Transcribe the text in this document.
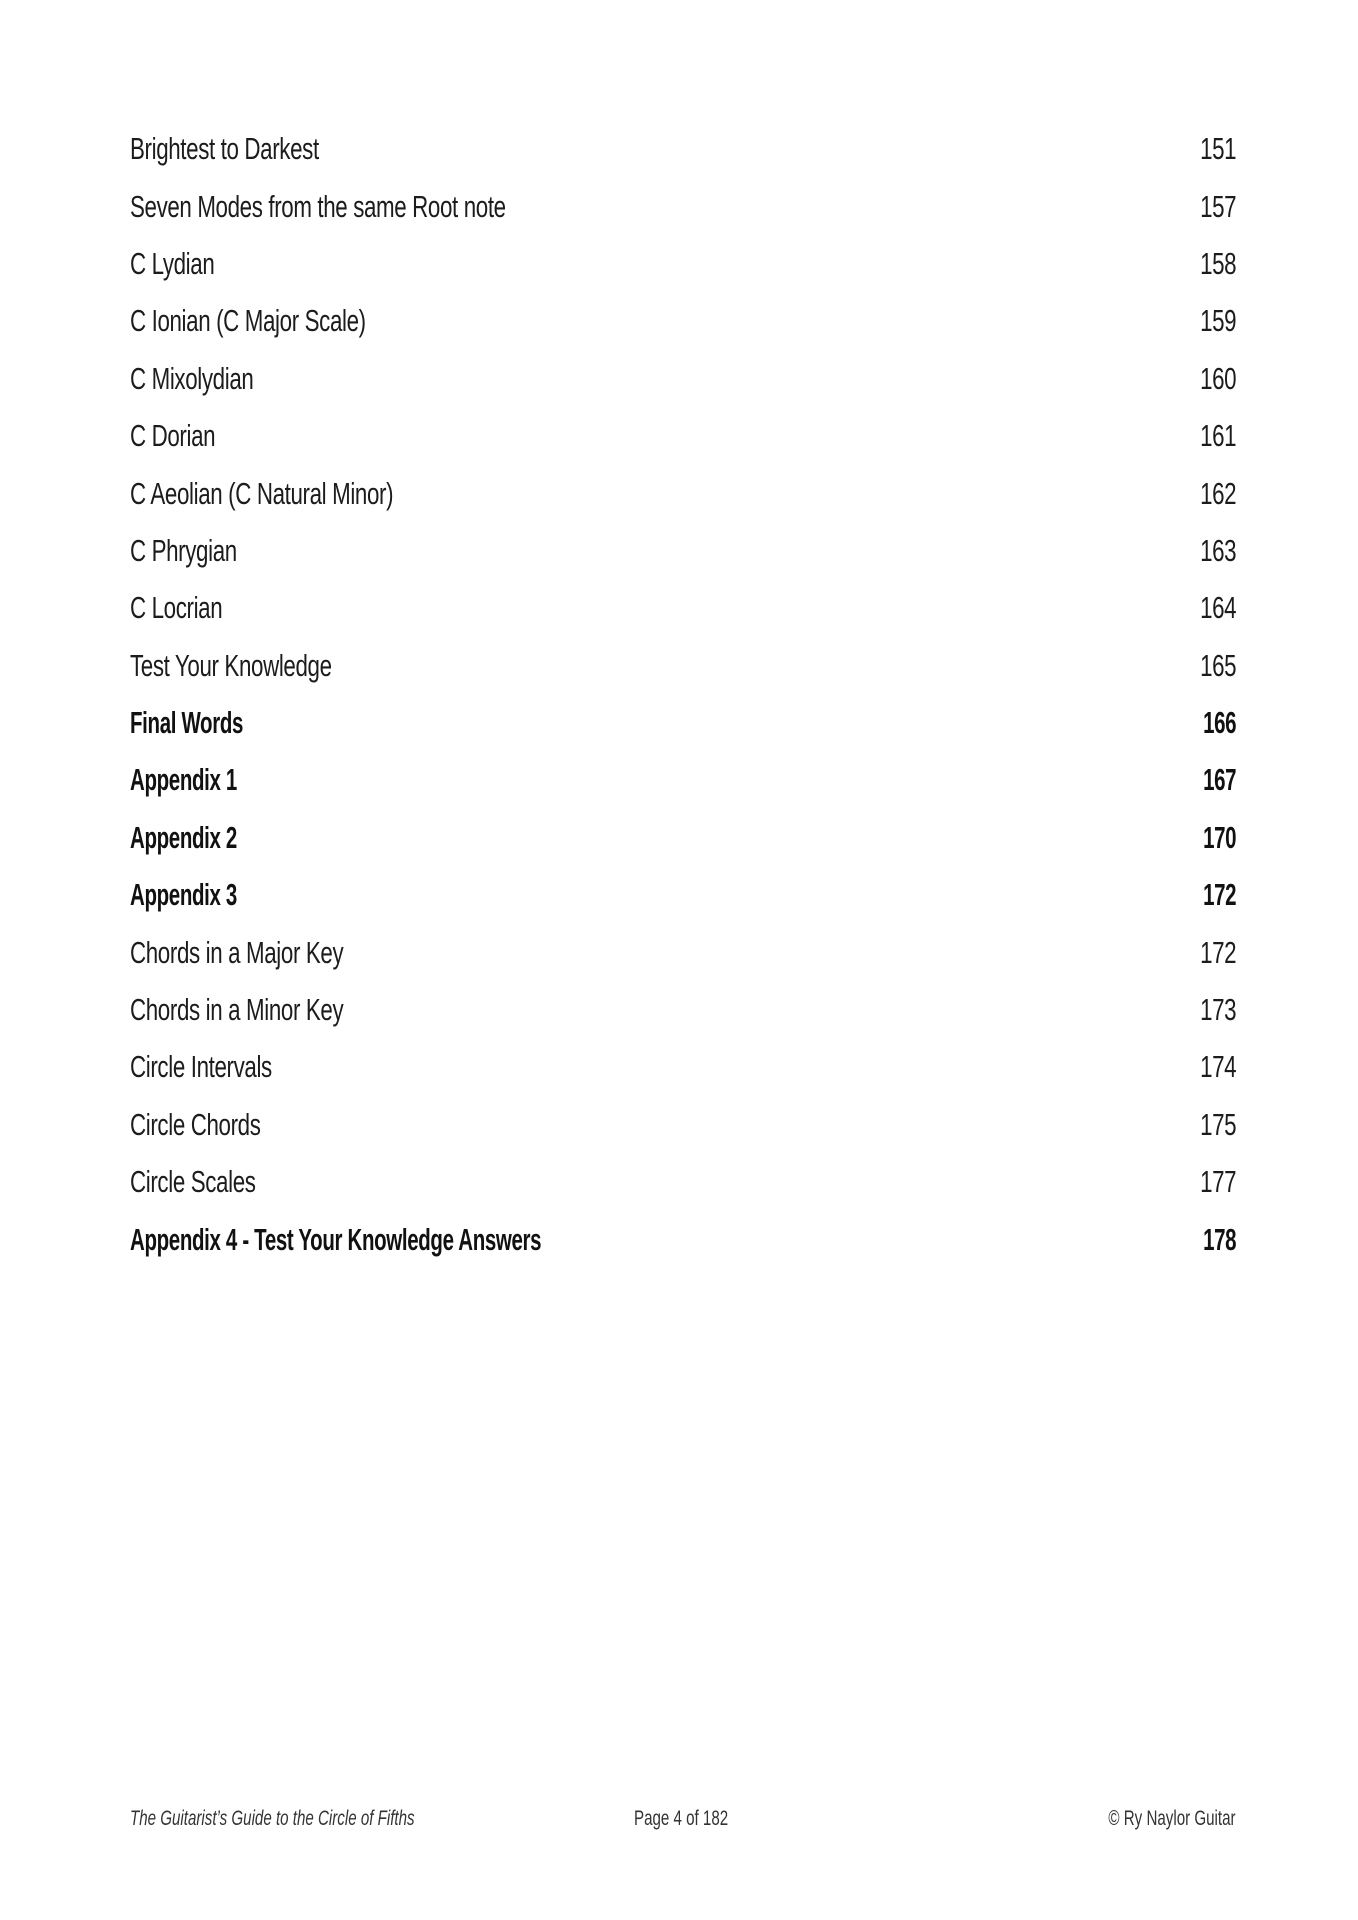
Brightest to Darkest	151
Seven Modes from the same Root note	157
C Lydian	158
C Ionian (C Major Scale)	159
C Mixolydian	160
C Dorian	161
C Aeolian (C Natural Minor)	162
C Phrygian	163
C Locrian	164
Test Your Knowledge	165
Final Words	166
Appendix 1	167
Appendix 2	170
Appendix 3	172
Chords in a Major Key	172
Chords in a Minor Key	173
Circle Intervals	174
Circle Chords	175
Circle Scales	177
Appendix 4 - Test Your Knowledge Answers	178
The Guitarist’s Guide to the Circle of Fifths	Page 4 of 182	© Ry Naylor Guitar
